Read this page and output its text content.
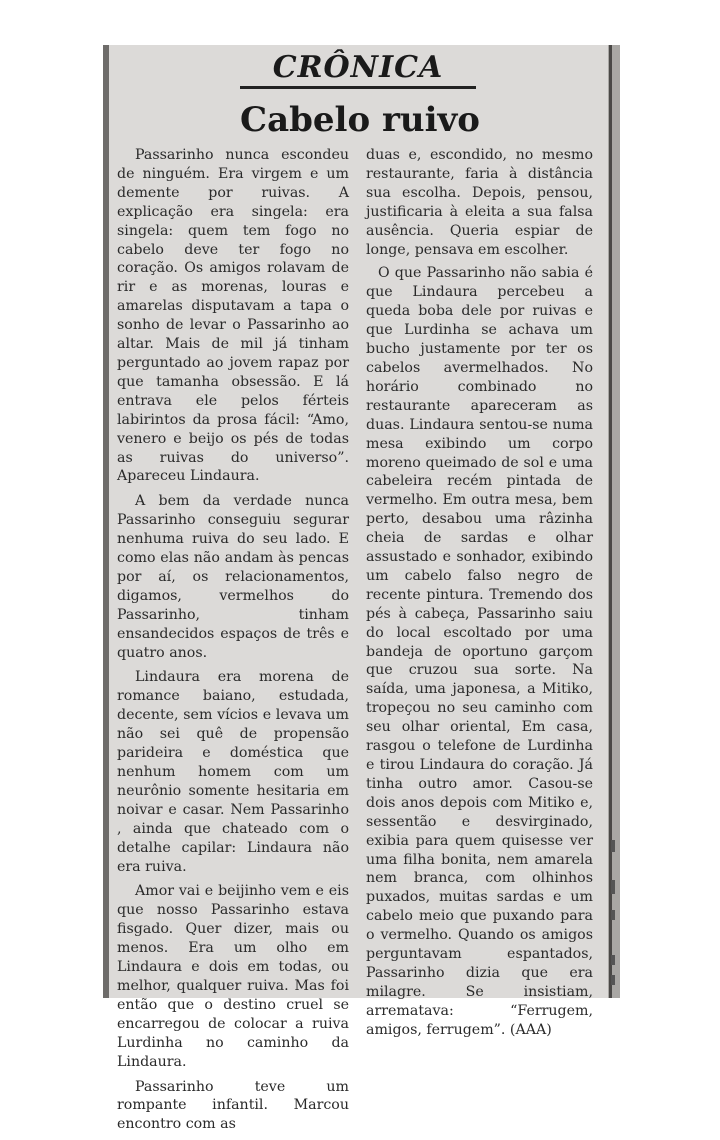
CRÔNICA
Cabelo ruivo

Passarinho nunca escondeu de ninguém. Era virgem e um demente por ruivas. A explicação era singela: era singela: quem tem fogo no cabelo deve ter fogo no coração. Os amigos rolavam de rir e as morenas, louras e amarelas disputavam a tapa o sonho de levar o Passarinho ao altar. Mais de mil já tinham perguntado ao jovem rapaz por que tamanha obsessão. E lá entrava ele pelos férteis labirintos da prosa fácil: “Amo, venero e beijo os pés de todas as ruivas do universo”. Apareceu Lindaura.

A bem da verdade nunca Passarinho conseguiu segurar nenhuma ruiva do seu lado. E como elas não andam às pencas por aí, os relacionamentos, digamos, vermelhos do Passarinho, tinham ensandecidos espaços de três e quatro anos.

Lindaura era morena de romance baiano, estudada, decente, sem vícios e levava um não sei quê de propensão parideira e doméstica que nenhum homem com um neurônio somente hesitaria em noivar e casar. Nem Passarinho , ainda que chateado com o detalhe capilar: Lindaura não era ruiva.

Amor vai e beijinho vem e eis que nosso Passarinho estava fisgado. Quer dizer, mais ou menos. Era um olho em Lindaura e dois em todas, ou melhor, qualquer ruiva. Mas foi então que o destino cruel se encarregou de colocar a ruiva Lurdinha no caminho da Lindaura.

Passarinho teve um rompante infantil. Marcou encontro com as

duas e, escondido, no mesmo restaurante, faria à distância sua escolha. Depois, pensou, justificaria à eleita a sua falsa ausência. Queria espiar de longe, pensava em escolher.

O que Passarinho não sabia é que Lindaura percebeu a queda boba dele por ruivas e que Lurdinha se achava um bucho justamente por ter os cabelos avermelhados. No horário combinado no restaurante apareceram as duas. Lindaura sentou-se numa mesa exibindo um corpo moreno queimado de sol e uma cabeleira recém pintada de vermelho. Em outra mesa, bem perto, desabou uma râzinha cheia de sardas e olhar assustado e sonhador, exibindo um cabelo falso negro de recente pintura. Tremendo dos pés à cabeça, Passarinho saiu do local escoltado por uma bandeja de oportuno garçom que cruzou sua sorte. Na saída, uma japonesa, a Mitiko, tropeçou no seu caminho com seu olhar oriental, Em casa, rasgou o telefone de Lurdinha e tirou Lindaura do coração. Já tinha outro amor. Casou-se dois anos depois com Mitiko e, sessentão e desvirginado, exibia para quem quisesse ver uma filha bonita, nem amarela nem branca, com olhinhos puxados, muitas sardas e um cabelo meio que puxando para o vermelho. Quando os amigos perguntavam espantados, Passarinho dizia que era milagre. Se insistiam, arrematava: “Ferrugem, amigos, ferrugem”. (AAA)
